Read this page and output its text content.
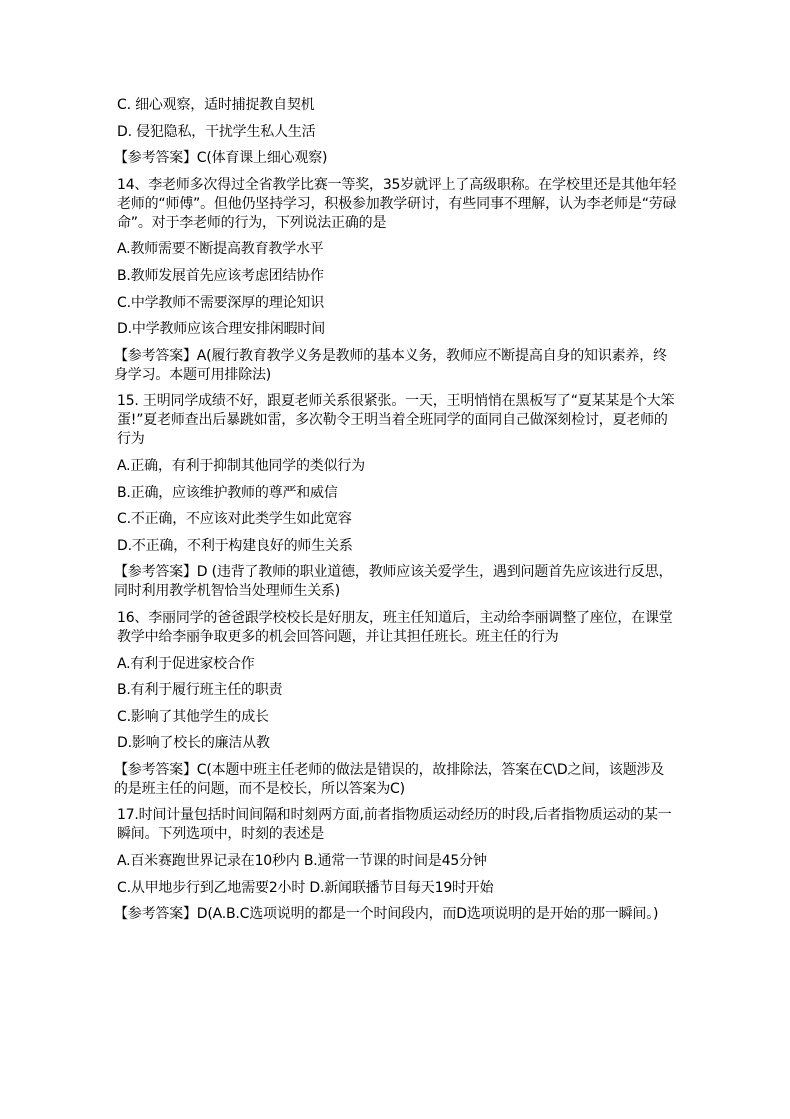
C. 细心观察，适时捕捉教自契机

D. 侵犯隐私，干扰学生私人生活

【参考答案】C(体育课上细心观察)

14、李老师多次得过全省教学比赛一等奖，35岁就评上了高级职称。在学校里还是其他年轻老师的“师傅”。但他仍坚持学习，积极参加教学研讨，有些同事不理解，认为李老师是“劳碌命”。对于李老师的行为，下列说法正确的是

A.教师需要不断提高教育教学水平

B.教师发展首先应该考虑团结协作

C.中学教师不需要深厚的理论知识

D.中学教师应该合理安排闲暇时间

【参考答案】A(履行教育教学义务是教师的基本义务，教师应不断提高自身的知识素养，终身学习。本题可用排除法)

15. 王明同学成绩不好，跟夏老师关系很紧张。一天，王明悄悄在黑板写了“夏某某是个大笨蛋!”夏老师查出后暴跳如雷，多次勒令王明当着全班同学的面同自己做深刻检讨，夏老师的行为

A.正确，有利于抑制其他同学的类似行为

B.正确，应该维护教师的尊严和威信

C.不正确，不应该对此类学生如此宽容

D.不正确，不利于构建良好的师生关系

【参考答案】D (违背了教师的职业道德，教师应该关爱学生，遇到问题首先应该进行反思，同时利用教学机智恰当处理师生关系)

16、李丽同学的爸爸跟学校校长是好朋友，班主任知道后，主动给李丽调整了座位，在课堂教学中给李丽争取更多的机会回答问题，并让其担任班长。班主任的行为

A.有利于促进家校合作

B.有利于履行班主任的职责

C.影响了其他学生的成长

D.影响了校长的廉洁从教

【参考答案】C(本题中班主任老师的做法是错误的，故排除法，答案在C\D之间，该题涉及的是班主任的问题，而不是校长，所以答案为C)

17.时间计量包括时间间隔和时刻两方面,前者指物质运动经历的时段,后者指物质运动的某一瞬间。下列选项中，时刻的表述是

A.百米赛跑世界记录在10秒内 B.通常一节课的时间是45分钟

C.从甲地步行到乙地需要2小时 D.新闻联播节目每天19时开始

【参考答案】D(A.B.C选项说明的都是一个时间段内，而D选项说明的是开始的那一瞬间。)
